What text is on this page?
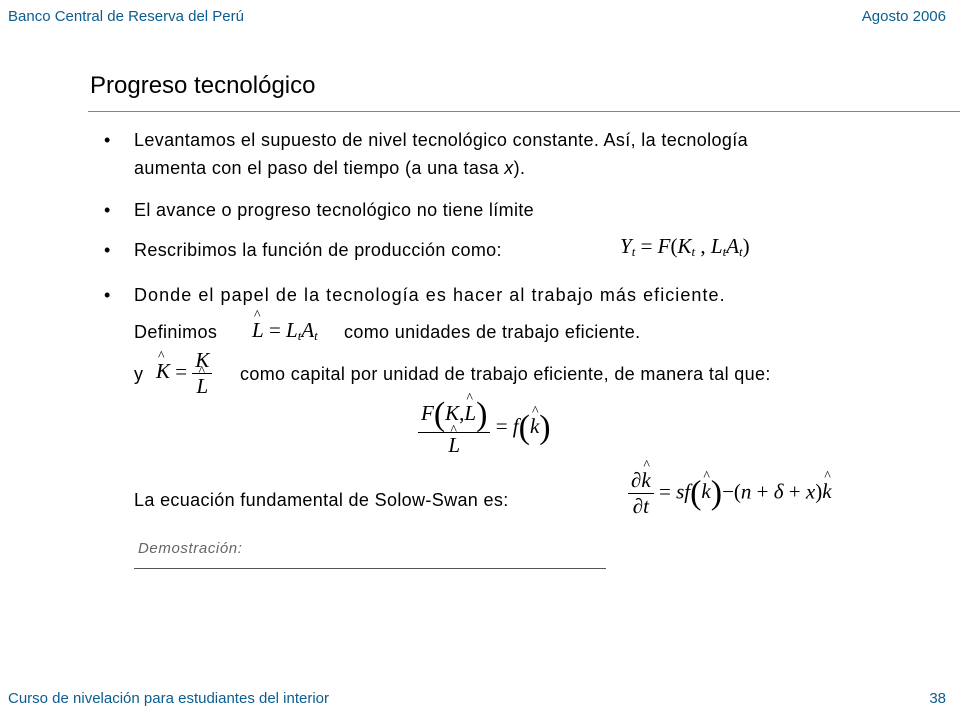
Banco Central de Reserva del Perú	Agosto 2006
Progreso tecnológico
• Levantamos el supuesto de nivel tecnológico constante. Así, la tecnología
aumenta con el paso del tiempo (a una tasa x).
• El avance o progreso tecnológico no tiene límite
• Rescribimos la función de producción como:	$Y_t = F(K_t$ , $L_tA_t$)
• Donde el papel de la tecnología es hacer al trabajo más eficiente.
Definimos ^ $L = L_tA_t$ como unidades de trabajo eficiente.
y ^ K = K
^ L como capital por unidad de trabajo eficiente, de manera tal que:
F(K,^ L)
^ L = f(^ k)
La ecuación fundamental de Solow-Swan es:	$\frac{\partial\^{} k}{\partial t}$ = sf(^ k)−(n + δ + x)^ k
Demostración:
Curso de nivelación para estudiantes del interior	38
